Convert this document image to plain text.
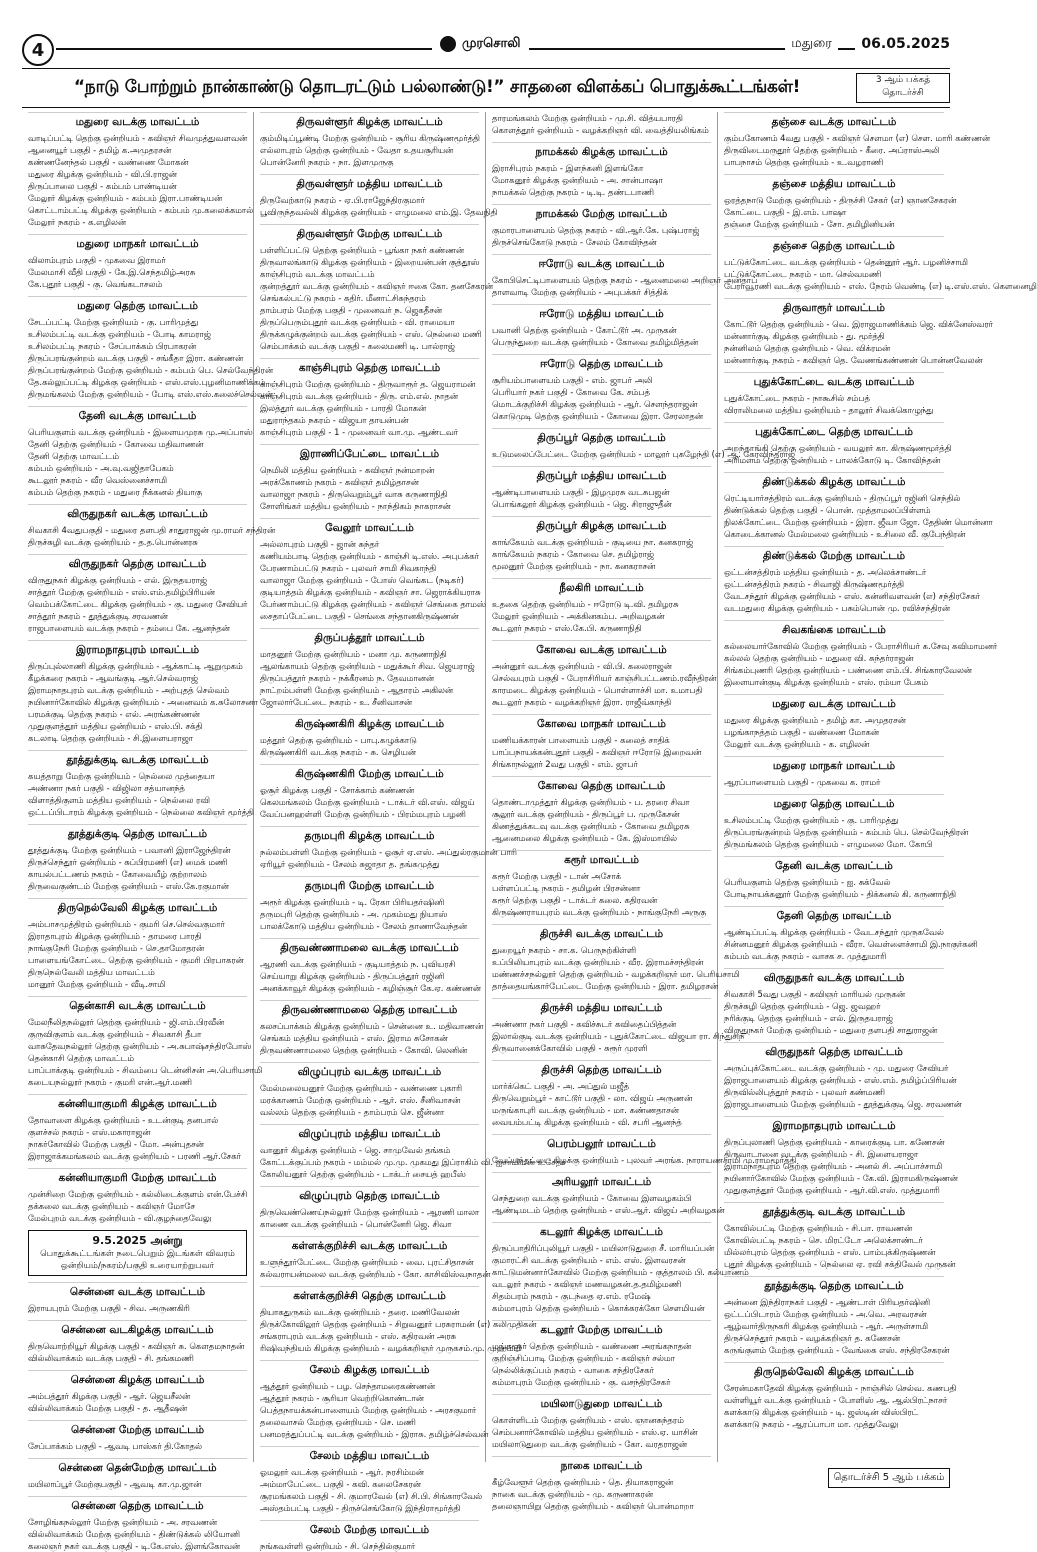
4	முரசொலி	மதுரை	06.05.2025
“நாடு போற்றும் நான்காண்டு தொடரட்டும் பல்லாண்டு!” சாதனை விளக்கப் பொதுக்கூட்டங்கள்!	3 ஆம் பக்கத்
தொடர்ச்சி
மதுரை வடக்கு மாவட்டம்
வாடிப்பட்டி தெற்கு ஒன்றியம் - கவிஞர் சிவமுத்துவளவன்
ஆனையூர் பகுதி - தமிழ் க.அமுதரசன்
கண்ணனேந்தல் பகுதி - வண்ணை மோகன்
மதுரை கிழக்கு ஒன்றியம் - வி.பி.ராஜன்
திருப்பாலை பகுதி - கம்பம் பாண்டியன்
மேலூர் கிழக்கு ஒன்றியம் - கம்பம் இரா.பாண்டியன்
கொட்டாம்பட்டி கிழக்கு ஒன்றியம் - கம்பம் மு.கலைக்கமால்
மேலூர் நகரம் - க.எழிலன்
மதுரை மாநகர் மாவட்டம்
விலாம்புரம் பகுதி - முகவை இராமர்
மேலமாசி வீதி பகுதி - கே.இ.செந்தமிழ்அரசு
கே.புதூர் பகுதி - கு. வெங்கடாசலம்
மதுரை தெற்கு மாவட்டம்
சேடப்பட்டி மேற்கு ஒன்றியம் - கு. பாரிமுத்து
உசிலம்பட்டி வடக்கு ஒன்றியம் - போடி காமராஜ்
உசிலம்பட்டி நகரம் - சேப்பாக்கம் பிரபாகரன்
திருப்பரங்குன்றம் வடக்கு பகுதி - சங்கீதா இரா. கண்ணன்
திருப்பரங்குன்றம் மேற்கு ஒன்றியம் - கம்பம் பெ. செல்வேந்திரன்
தே.கல்லுப்பட்டி கிழக்கு ஒன்றியம் - எஸ்.எஸ்.புழனிமாணிக்கம்
திருமங்கலம் மேற்கு ஒன்றியம் - போடி எஸ்.எஸ்.கலைச்செல்வன்
தேனி வடக்கு மாவட்டம்
பெரியகுளம் வடக்கு ஒன்றியம் - இளையமுரசு மு.அப்பாஸ்
தேனி தெற்கு ஒன்றியம் - கோவை மதிவாணன்
தேனி தெற்கு மாவட்டம்
கம்பம் ஒன்றியம் - அ.வு.வஜிதாபேகம்
கூடலூர் நகரம் - வீர வெஸ்னைச்சாமி
கம்பம் தெற்கு நகரம் - மதுரை நீக்கனல் தியாகு
விருதுநகர் வடக்கு மாவட்டம்
சிவகாசி 4வதுபகுதி - மதுரை தளபதி சாதுராஜன் மு.ராமர் சந்திரன்
திருச்சுழி வடக்கு ஒன்றியம் - த.த.பொன்னரசு
விருதுநகர் தெற்கு மாவட்டம்
விருதுநகர் கிழக்கு ஒன்றியம் - எல். இருதயராஜ்
சாத்தூர் மேற்கு ஒன்றியம் - எஸ்.எம்.தமிழ்பிரியன்
வெம்பக்கோட்டை கிழக்கு ஒன்றியம் - கு. மதுரை சேவியர்
சாத்தூர் நகரம் - தூத்துக்குடி சரவணன்
ராஜபாளையம் வடக்கு நகரம் - தம்பை கே. ஆனந்தன்
இராமநாதபுரம் மாவட்டம்
திருப்புல்லாணி கிழக்கு ஒன்றியம் - ஆக்காட்டி ஆறுமுகம்
கீழக்கரை நகரம் - ஆவங்குடி ஆர்.செல்வராஜ்
இராமநாதபுரம் வடக்கு ஒன்றியம் - அற்புதத் செல்வம்
நயினார்கோவில் கிழக்கு ஒன்றியம் - அனைவம் க.சுலோசனா
பரமக்குடி தெற்கு நகரம் - எல். அரங்கண்ணன்
முதுகுளத்தூர் மத்திய ஒன்றியம் - எஸ்.பி. சக்தி
கடலாடி தெற்கு ஒன்றியம் - சி.இளையராஜா
தூத்துக்குடி வடக்கு மாவட்டம்
கயத்தாறு மேற்கு ஒன்றியம் - நெல்லை முத்தையா
அண்ணா நகர் பகுதி - விஜிலா சத்யானந்த்
விளாத்திகுளம் மத்திய ஒன்றியம் - நெல்லை ரவி
ஒட்டப்பிடாரம் கிழக்கு ஒன்றியம் - நெல்லை கவிஞர் மூர்த்தி
தூத்துக்குடி தெற்கு மாவட்டம்
தூத்துக்குடி மேற்கு ஒன்றியம் - பவானி இராஜேந்திரன்
திருச்செந்தூர் ஒன்றியம் - சுப்பிரமணி (எ) மைக் மணி
காயல்பட்டணம் நகரம் - கோவையீழ் குற்றாலம்
திருவைகுண்டம் மேற்கு ஒன்றியம் - எஸ்.கே.ரகுமான்
திருநெல்வேலி கிழக்கு மாவட்டம்
அம்பாசமுத்திரம் ஒன்றியம் - குமரி செ.செல்வகுமார்
இராதாபுரம் கிழக்கு ஒன்றியம் - தாமரை பாரதி
நாங்குநேரி மேற்கு ஒன்றியம் - செ.தாமோதரன்
பாளையங்கோட்டை தெற்கு ஒன்றியம் - குமரி பிரபாகரன்
திருநெல்வேலி மத்திய மாவட்டம்
மானூர் மேற்கு ஒன்றியம் - வீடி.சாமி
தென்காசி வடக்கு மாவட்டம்
மேலநீலிதநல்லூர் தெற்கு ஒன்றியம் - ஜி.எம்.பிரவீன்
குருவிகுளம் வடக்கு ஒன்றியம் - சிவகாசி தீபா
வாசுதேவநல்லூர் தெற்கு ஒன்றியம் - அ.சுபாஷ்சந்திரபோஸ்
தென்காசி தெற்கு மாவட்டம்
பாப்பாக்குடி ஒன்றியம் - சிவம்பை டென்னிசன் அ.பெரியசாமி
கடையநல்லூர் நகரம் - குமரி என்.ஆர்.மணி
கன்னியாகுமரி கிழக்கு மாவட்டம்
தோவாளை கிழக்கு ஒன்றியம் - உடன்குடி தனபால்
குளச்சல் நகரம் - எஸ்.மகாராஜன்
நாகர்கோவில் மேற்கு பகுதி - மோ. அன்புதசன்
இராஜாக்கமங்கலம் வடக்கு ஒன்றியம் - பரணி ஆர்.சேகர்
கன்னியாகுமரி மேற்கு மாவட்டம்
முன்சிறை மேற்கு ஒன்றியம் - கல்லிடைக்குளம் என்.பேச்சி
தக்கலை வடக்கு ஒன்றியம் - கவிஞர் மோசே
மேல்புறம் வடக்கு ஒன்றியம் - வி.குழந்தைவேலு
9.5.2025 அன்று
பொதுக்கூட்டங்கள் நடைபெறும் இடங்கள் விவரம்
ஒன்றியம்/நகரம்/பகுதி உரையாற்றுபவர்
சென்னை வடக்கு மாவட்டம்
இராயபுரம் மேற்கு பகுதி - சிவ. அருணகிரி
சென்னை வடகிழக்கு மாவட்டம்
திருவொற்றியூர் கிழக்கு பகுதி - கவிஞர் சு. கௌதமநாதன்
வில்லிவாக்கம் வடக்கு பகுதி - சி. தங்கமணி
சென்னை கிழக்கு மாவட்டம்
அம்பத்தூர் கிழக்கு பகுதி - ஆர். ஜெயசீலன்
வில்லிவாக்கம் மேற்கு பகுதி - த. ஆதீஷன்
சென்னை மேற்கு மாவட்டம்
சேப்பாக்கம் பகுதி - ஆவடி பாஸ்கர் தி.கோதல்
சென்னை தென்மேற்கு மாவட்டம்
மயிலாப்பூர் மேற்குபகுதி - ஆவடி கா.மு.ஜான்
சென்னை தெற்கு மாவட்டம்
சோழிங்கநல்லூர் மேற்கு ஒன்றியம் - அ. சரவணன்
வில்லிவாக்கம் மேற்கு ஒன்றியம் - திண்டுக்கல் லியோனி
கலைஞர் நகர் வடக்கு பகுதி - டி.கே.எஸ். இளங்கோவன்
திருவள்ளூர் கிழக்கு மாவட்டம்
கும்மிடிப்பூண்டி மேற்கு ஒன்றியம் - சூரிய கிருஷ்ணமூர்த்தி
எல்லாபுரம் தெற்கு ஒன்றியம் - வேதா உதயசூரியன்
பொன்னேரி நகரம் - நா. இளமுருகு
திருவள்ளூர் மத்திய மாவட்டம்
திருவேற்காடு நகரம் - ஏ.பி.ராஜேந்திரகுமார்
பூவிருந்தவல்லி கிழக்கு ஒன்றியம் - எழுமலை எம்.இ. தேவநிதி
திருவள்ளூர் மேற்கு மாவட்டம்
பள்ளிப்பட்டு தெற்கு ஒன்றியம் - பூங்கா நகர் கண்ணன்
திருவாலங்காடு கிழக்கு ஒன்றியம் - இறையன்பன் குத்தூஸ்
காஞ்சிபுரம் வடக்கு மாவட்டம்
குன்றத்தூர் வடக்கு ஒன்றியம் - கவிஞர் ஈகை கோ. தனசேகரன்
செங்கல்பட்டு நகரம் - கதிர். மீனாட்சிசுந்தரம்
தாம்பரம் மேற்கு பகுதி - முனைவர் ந. ஜெகதீசன்
திருப்பெரும்புதூர் வடக்கு ஒன்றியம் - வி. ராமையா
திருக்கழுக்குன்றம் வடக்கு ஒன்றியம் - எஸ். நெல்லை மணி
செம்பாக்கம் வடக்கு பகுதி - கலைமணி டி. பால்ராஜ்
காஞ்சிபுரம் தெற்கு மாவட்டம்
காஞ்சிபுரம் மேற்கு ஒன்றியம் - திருவாரூர் த. ஜெயராமன்
காஞ்சிபுரம் வடக்கு ஒன்றியம் - திரு. எம்.எல். நாதன்
இலத்தூர் வடக்கு ஒன்றியம் - பாரதி மோகன்
மதுராந்தகம் நகரம் - விஜயா தாயன்பன்
காஞ்சிபுரம் பகுதி - 1 - முனைவர் வா.மு. ஆண்டவர்
இராணிப்பேட்டை மாவட்டம்
நெமிலி மத்திய ஒன்றியம் - கவிஞர் நன்மாறன்
அரக்கோணம் நகரம் - கவிஞர் தமிழ்தாசன்
வாலாஜா நகரம் - திருவெறும்பூர் வாசு கருணாநிதி
சோளிங்கர் மத்திய ஒன்றியம் - நாந்திகம் நாகராசன்
வேலூர் மாவட்டம்
அல்லாபுரம் பகுதி - ஜான் சுந்தர்
கணியம்பாடி தெற்கு ஒன்றியம் - காஞ்சி டி.எஸ். அபுபக்கர்
பேரணாம்பட்டு நகரம் - புலவர் சாமி சிவகாந்தி
வாலாஜா மேற்கு ஒன்றியம் - போஸ் வெங்கட (நடிகர்)
குடியாத்தம் கிழக்கு ஒன்றியம் - கவிஞர் சா. ஜெராக்கியராசு
பேர்ணாம்பட்டு கிழக்கு ஒன்றியம் - கவிஞர் செங்கை தாமஸ்
சைதாப்பேட்டை பகுதி - செங்கை சந்தானகிருஷ்ணன்
திருப்பத்தூர் மாவட்டம்
மாதனூர் மேற்கு ஒன்றியம் - மனா மு. கருணாநிதி
ஆலங்காயம் தெற்கு ஒன்றியம் - மதுக்கூர் சிவ. ஜெயராஜ்
திருப்பத்தூர் நகரம் - நக்கீரனம் ந. தேவமானன்
நாட்றம்பள்ளி மேற்கு ஒன்றியம் - ஆதாரம் அகிலன்
ஜோலார்பேட்டை நகரம் - உ. சீனிவாசன்
கிருஷ்ணகிரி கிழக்கு மாவட்டம்
மத்தூர் தெற்கு ஒன்றியம் - பாபு.கழுக்காடு
கிருஷ்ணகிரி வடக்கு நகரம் - சு. செழியன்
கிருஷ்ணகிரி மேற்கு மாவட்டம்
ஓசூர் கிழக்கு பகுதி - சோக்காம் கண்ணன்
கெலமங்கலம் மேற்கு ஒன்றியம் - டாக்டர் வி.எஸ். விஜய்
வேப்பனஹள்ளி மேற்கு ஒன்றியம் - பிரம்மபுரம் பழனி
தருமபுரி கிழக்கு மாவட்டம்
நல்லம்பள்ளி மேற்கு ஒன்றியம் - ஓசூர் ஏ.எஸ். அப்துல்ரகுமான் பாரி
ஏரியூர் ஒன்றியம் - சேலம் சுஜாதா த. தங்கமுத்து
தருமபுரி மேற்கு மாவட்டம்
அரூர் கிழக்கு ஒன்றியம் - டி. ரேகா பிரியதர்ஷினி
தருமபுரி தெற்கு ஒன்றியம் - அ. முகம்மது நியாஸ்
பாலக்கோடு மத்திய ஒன்றியம் - சேலம் தாணாவேந்தன்
திருவண்ணாமலை வடக்கு மாவட்டம்
ஆரணி வடக்கு ஒன்றியம் - குடியாத்தம் ந. புவியரசி
செய்யாறு கிழக்கு ஒன்றியம் - திருப்பத்தூர் ரஜினி
அனக்காவூர் கிழக்கு ஒன்றியம் - கழிஞ்சூர் கே.ஏ. கண்ணன்
திருவண்ணாமலை தெற்கு மாவட்டம்
கலசப்பாக்கம் கிழக்கு ஒன்றியம் - சென்னை உ. மதிவாணன்
செங்கம் மத்திய ஒன்றியம் - எஸ். இராம சுசோகன்
திருவண்ணாமலை தெற்கு ஒன்றியம் - கோவி. லெனின்
விழுப்புரம் வடக்கு மாவட்டம்
மேல்மலையனூர் மேற்கு ஒன்றியம் - வண்ணை புகாரி
மரக்காணம் மேற்கு ஒன்றியம் - ஆர். எஸ். சீனிவாசன்
வல்லம் தெற்கு ஒன்றியம் - தாம்பரம் செ. ஜீன்னா
விழுப்புரம் மத்திய மாவட்டம்
வானூர் கிழக்கு ஒன்றியம் - ஜெ. சாமுவேல் தங்கம்
கோட்டக்குப்பம் நகரம் - மம்மல் மு.மு. முகமது இப்ராகிம் வி. ஐசாமியன் உசேதா
கோலியனூர் தெற்கு ஒன்றியம் - டாக்டர் சையத் ஹபீஸ்
விழுப்புரம் தெற்கு மாவட்டம்
திருவெண்ணெய்நல்லூர் மேற்கு ஒன்றியம் - ஆரணி மாலா
காணை வடக்கு ஒன்றியம் - பொன்னேரி ஜெ. சிவா
கள்ளக்குறிச்சி வடக்கு மாவட்டம்
உளுந்தூர்பேட்டை மேற்கு ஒன்றியம் - வை. புரட்சிதாசன்
கல்வராயன்மலை வடக்கு ஒன்றியம் - கோ. காசிவிஸ்வநாதன்
கள்ளக்குறிச்சி தெற்கு மாவட்டம்
தியாகதுருகம் வடக்கு ஒன்றியம் - தரை. மணிவேலன்
திருக்கோவிலூர் தெற்கு ஒன்றியம் - சிறுவனூர் பரசுராமன் (எ) கலிமுதிகன்
சங்கராபுரம் வடக்கு ஒன்றியம் - எஸ். கதிரவன் அரசு
ரிஷிவந்தியம் கிழக்கு ஒன்றியம் - வழக்கறிஞர் முருகசம்.மு. முஹம்மி
சேலம் கிழக்கு மாவட்டம்
ஆத்தூர் ஒன்றியம் - பழ. செந்தாமரைகண்ணன்
ஆத்தூர் நகரம் - சூரியா வெற்றிகொண்டான்
பெத்தநாயக்கன்பாளையம் மேற்கு ஒன்றியம் - அரசகுமார்
தலைவாசல் மேற்கு ஒன்றியம் - செ. மணி
பனமரத்துப்பட்டி வடக்கு ஒன்றியம் - இராசு. தமிழ்ச்செல்வன்
சேலம் மத்திய மாவட்டம்
ஓமலூர் வடக்கு ஒன்றியம் - ஆர். நரசிம்மன்
அம்மாபேட்டை பகுதி - கவி. கலைசேகரன்
சூரமங்கலம் பகுதி - சி. குமாரவேல் (எ) சி.பி. சிங்காரவேல்
அஸ்தம்பட்டி பகுதி - திருச்செங்கோடு இந்திராமூர்த்தி
சேலம் மேற்கு மாவட்டம்
நங்கவள்ளி ஒன்றியம் - சி. செந்தில்குமார்
தாரமங்கலம் மேற்கு ஒன்றியம் - மு.சி. வித்யபாரதி
கொளத்தூர் ஒன்றியம் - வழக்கறிஞர் வி. வைத்தியலிங்கம்
நாமக்கல் கிழக்கு மாவட்டம்
இராசிபுரம் நகரம் - இளந்கனி இளங்கோ
மோகனூர் கிழக்கு ஒன்றியம் - அ. சான்பாஷா
நாமக்கல் தெற்கு நகரம் - டி.டி. தண்டபாணி
நாமக்கல் மேற்கு மாவட்டம்
குமாரபாளையம் தெற்கு நகரம் - வி.ஆர்.கே. புஷ்பராஜ்
திருச்செங்கோடு நகரம் - சேலம் கோவிந்தன்
ஈரோடு வடக்கு மாவட்டம்
கோபிசெட்டிபாளையம் தெற்கு நகரம் - ஆனைமலை அறிஞர் அன்தாப்
தாளவாடி மேற்கு ஒன்றியம் - அபுபக்கர் சித்திக்
ஈரோடு மத்திய மாவட்டம்
பவானி தெற்கு ஒன்றியம் - கோட்டூர் அ. முருகன்
பெருந்துறை வடக்கு ஒன்றியம் - கோவை தமிழ்மித்தன்
ஈரோடு தெற்கு மாவட்டம்
சூரியம்பாளையம் பகுதி - எம். ஜாபர் அலி
பெரியார் நகர் பகுதி - கோவை கே. சம்பத்
மொடக்குறிச்சி கிழக்கு ஒன்றியம் - ஆர். சௌந்தராஜன்
கொடுமுடி தெற்கு ஒன்றியம் - கோவை இரா. சேரலாதன்
திருப்பூர் தெற்கு மாவட்டம்
உடுமலைப்பேட்டை மேற்கு ஒன்றியம் - மாலூர் புகழேந்தி (எ) ஆ. கோவிந்தராஜ்
திருப்பூர் மத்திய மாவட்டம்
ஆண்டிபாளையம் பகுதி - இழமுரசு வடசுபஜன்
பொங்கலூர் கிழக்கு ஒன்றியம் - ஜெ. சிராஜுதீன்
திருப்பூர் கிழக்கு மாவட்டம்
காங்கேயம் வடக்கு ஒன்றியம் - குடியை நா. கனகராஜ்
காங்கேயம் நகரம் - கோவை செ. தமிழ்ராஜ்
மூலனூர் மேற்கு ஒன்றியம் - நா. கனகராசன்
நீலகிரி மாவட்டம்
உதகை தெற்கு ஒன்றியம் - ஈரோடு டி.வி. தமிழரசு
மேலூர் ஒன்றியம் - அக்கினகம்ப. அறிவழகன்
கூடலூர் நகரம் - எஸ்.கே.பி. கருணாநிதி
கோவை வடக்கு மாவட்டம்
அன்னூர் வடக்கு ஒன்றியம் - வி.பி. கலைராஜன்
செல்வபுரம் பகுதி - பேராசிரியர் காஞ்சிபட்டணம்.ரவீந்திரன்
காரமடை கிழக்கு ஒன்றியம் - பொள்ளாச்சி மா. உமாபதி
கூடலூர் நகரம் - வழக்கறிஞர் இரா. ராஜீவ்காந்தி
கோவை மாநகர் மாவட்டம்
மணியக்காரன் பாளையம் பகுதி - கலைத் சாதிக்
பாப்பநாயக்கன்புதூர் பகுதி - கவிஞர் ஈரோடு இறைவன்
சிங்காநல்லூர் 2வது பகுதி - எம். ஜாபர்
கோவை தெற்கு மாவட்டம்
தொண்டாமுத்தூர் கிழக்கு ஒன்றியம் - ப. தரரை சிவா
சூலூர் வடக்கு ஒன்றியம் - திருப்பூர் ப. முருகேசன்
கிணத்துக்கடவு வடக்கு ஒன்றியம் - கோவை தமிழரசு
ஆனைமலை கிழக்கு ஒன்றியம் - கே. இஸ்மாயில்
கரூர் மாவட்டம்
கரூர் மேற்கு பகுதி - டான் அசோக்
பள்ளப்பட்டி நகரம் - தமிழன் பிரசன்னா
கரூர் தெற்கு பகுதி - டாக்டர் கலை. கதிரவன்
கிருஷ்ணராயபுரம் வடக்கு ஒன்றியம் - நாங்குநேரி அருகு
திருச்சி வடக்கு மாவட்டம்
துறையூர் நகரம் - சா.க. பெருநற்கிள்ளி
உப்பிலியாபுரம் வடக்கு ஒன்றியம் - வீர. இராமச்சந்திரன்
மண்ணச்சநல்லூர் தெற்கு ஒன்றியம் - வழக்கறிஞர் மா. பெரியசாமி
தாத்தையங்கார்பேட்டை மேற்கு ஒன்றியம் - இரா. தமிழரசன்
திருச்சி மத்திய மாவட்டம்
அண்ணா நகர் பகுதி - கவிச்சுடர் கவிதைப்பித்தன்
இலால்குடி வடக்கு ஒன்றியம் - புதுக்கோட்டை விஜயா ரா. சிந்துசிந்
திருவானைக்கோவில் பகுதி - சுரூர் முரளி
திருச்சி தெற்கு மாவட்டம்
மார்க்கெட் பகுதி - அ. அப்துல் மஜீத்
திருவெறும்பூர் - காட்டூர் பகுதி - லா. விஜய் அருணன்
மருங்காபுரி வடக்கு ஒன்றியம் - மா. கண்ணதாசன்
வையம்பட்டி கிழக்கு ஒன்றியம் - வி. சபரி ஆனந்த்
பெரம்பலூர் மாவட்டம்
வேப்பந்தட்டை கிழக்கு ஒன்றியம் - புலவர் அரங்க. நாராயணசாமி மு.ராமமூர்த்தி
அரியலூர் மாவட்டம்
செந்துறை வடக்கு ஒன்றியம் - கோவை இளவழகம்பி
ஆண்டிமடம் தெற்கு ஒன்றியம் - எஸ்.ஆர். விஜய் அறிவழகன்
கடலூர் கிழக்கு மாவட்டம்
திருப்பாதிரிப்புலியூர் பகுதி - மயிலாடுதுறை சீ. மாரியப்பன்
குமாரட்சி வடக்கு ஒன்றியம் - எம். எஸ். இளவரசன்
காட்டுமன்னார்கோவில் மேற்கு ஒன்றியம் - குத்தாலம் பி. கல்யாணம்
வடலூர் நகரம் - கவிஞர் மணவழகன்.த.தமிழ்மணி
சிதம்பரம் நகரம் - குடந்தை ஏ.எம். ரமேஷ்
கம்மாபுரம் தெற்கு ஒன்றியம் - கொக்கரக்கோ செளமியன்
கடலூர் மேற்கு மாவட்டம்
மங்களூர் தெற்கு ஒன்றியம் - வண்ணை அரங்கநாதன்
குறிஞ்சிப்பாடி மேற்கு ஒன்றியம் - கவிஞர் சல்மா
நெல்லிக்குப்பம் நகரம் - வாகை சந்திரசேகர்
கம்மாபுரம் மேற்கு ஒன்றியம் - கு. வசந்திரசேகர்
மயிலாடுதுறை மாவட்டம்
கொள்ளிடம் மேற்கு ஒன்றியம் - எஸ். ஞானசுந்தரம்
செம்பனார்கோவில் மத்திய ஒன்றியம் - எஸ்.ஏ. யாசின்
மயிலாடுதுறை வடக்கு ஒன்றியம் - கோ. வரதராஜன்
நாகை மாவட்டம்
கீழ்வேளூர் தெற்கு ஒன்றியம் - தெ. தியாகராஜன்
நாகை வடக்கு ஒன்றியம் - மு. கருணாகரன்
தலைஞாயிறு தெற்கு ஒன்றியம் - கவிஞர் பொன்மாறா
தஞ்சை வடக்கு மாவட்டம்
கும்பகோணம் 4வது பகுதி - கவிஞர் செளமா (எ) சௌ. மாரி கண்ணன்
திருவிடைமருதூர் தெற்கு ஒன்றியம் - கீரை. அப்ராஸ்அலி
பாபநாசம் தெற்கு ஒன்றியம் - உ.வழராணி
தஞ்சை மத்திய மாவட்டம்
ஒரத்தநாடு மேற்கு ஒன்றியம் - திருச்சி சேகர் (எ) ஞானசேகரன்
கோட்டை பகுதி - இ.எம். பாஷா
தஞ்சை மேற்கு ஒன்றியம் - சோ. தமிழினியன்
தஞ்சை தெற்கு மாவட்டம்
பட்டுக்கோட்டை வடக்கு ஒன்றியம் - தென்னூர் ஆர். பழனிச்சாமி
பட்டுக்கோட்டை நகரம் - மா. செல்வமணி
பேராவூரணி வடக்கு ஒன்றியம் - எஸ். நேரம் வெண்டி (எ) டி.எஸ்.எஸ். கௌனைழி
திருவாரூர் மாவட்டம்
கோட்டூர் தெற்கு ஒன்றியம் - வெ. இராஜமாணிக்கம் ஜெ. விக்னேஸ்வரர்
மன்னார்குடி கிழக்கு ஒன்றியம் - து. மூர்த்தி
நன்னிலம் தெற்கு ஒன்றியம் - வெ. விக்ரமன்
மன்னார்குடி நகரம் - கவிஞர் தெ. வேணங்கண்ணன் பொன்னவேலன்
புதுக்கோட்டை வடக்கு மாவட்டம்
புதுக்கோட்டை நகரம் - நாகூசில் சம்பத்
விராலிமலை மத்திய ஒன்றியம் - தாலூர் சிவக்கொழுந்து
புதுக்கோட்டை தெற்கு மாவட்டம்
அறந்தாங்கி தெற்கு ஒன்றியம் - வயலூர் கா. கிருஷ்ணமூர்த்தி
அரிமளம் தெற்கு ஒன்றியம் - பாலக்கோடு டி. கோவிந்தன்
திண்டுக்கல் கிழக்கு மாவட்டம்
ரெட்டியார்சத்திரம் வடக்கு ஒன்றியம் - திருப்பூர் ரஜினி செந்தில்
திண்டுக்கல் தெற்கு பகுதி - பொன். முத்தாமலப்பிள்ளம்
நிலக்கோட்டை மேற்கு ஒன்றியம் - இரா. ஜீவா ஜோ. தேதிண் மொன்னா
கொடைக்கானல் மேல்மலை ஒன்றியம் - உசிலை வீ. குபேந்திரன்
திண்டுக்கல் மேற்கு மாவட்டம்
ஒட்டன்சத்திரம் மத்திய ஒன்றியம் - த. அலெக்சாண்டர்
ஒட்டன்சத்திரம் நகரம் - சிவாஜி கிருஷ்ணமூர்த்தி
வேடசந்தூர் கிழக்கு ஒன்றியம் - எஸ். கன்னிவளவன் (எ) சந்திரசேகர்
வடமதுரை கிழக்கு ஒன்றியம் - பசும்பொன் மு. ரவிச்சந்திரன்
சிவகங்கை மாவட்டம்
கல்லையார்கோவில் மேற்கு ஒன்றியம் - பேராசிரியர் க.சேவு கவிமாமனர்
கல்லல் தெற்கு ஒன்றியம் - மதுரை வி. சுந்தர்ராஜன்
சிங்கம்புணரி தெற்கு ஒன்றியம் - பண்ணை எம்.பி. சிங்காரவேலன்
இளையான்குடி கிழக்கு ஒன்றியம் - எஸ். ரம்யா பேகம்
மதுரை வடக்கு மாவட்டம்
மதுரை கிழக்கு ஒன்றியம் - தமிழ் கா. அமுதரசன்
பழங்காநத்தம் பகுதி - வண்ணை மோகன்
மேலூர் வடக்கு ஒன்றியம் - க. எழிலன்
மதுரை மாநகர் மாவட்டம்
ஆரப்பாளையம் பகுதி - முகவை க. ராமர்
மதுரை தெற்கு மாவட்டம்
உசிலம்பட்டி மேற்கு ஒன்றியம் - கு. பாரிமுத்து
திருப்பரங்குன்றம் தெற்கு ஒன்றியம் - கம்பம் பெ. செல்வேந்திரன்
திருமங்கலம் தெற்கு ஒன்றியம் - எழுமலை மோ. கோபி
தேனி வடக்கு மாவட்டம்
பெரியகுளம் தெற்கு ஒன்றியம் - ஐ. சுக்வேல்
போடிநாயக்கனூர் மேற்கு ஒன்றியம் - திக்கனல் கி. கருணாநிதி
தேனி தெற்கு மாவட்டம்
ஆண்டிப்பட்டி கிழக்கு ஒன்றியம் - வேடசந்தூர் முருகவேல்
சின்னமனூர் கிழக்கு ஒன்றியம் - வீரா. வெள்ளைச்சாமி இ.நாகுர்கனி
கம்பம் வடக்கு நகரம் - வாசக ச. முத்துமாரி
விருதுநகர் வடக்கு மாவட்டம்
சிவகாசி 5வது பகுதி - கவிஞர் மாரியல் முருகன்
திருச்சுழி தெற்கு ஒன்றியம் - ஜெ. ஜவஹர்
நரிக்குடி தெற்கு ஒன்றியம் - எல். இருதயராஜ்
விருதுநகர் மேற்கு ஒன்றியம் - மதுரை தளபதி சாதுராஜன்
விருதுநகர் தெற்கு மாவட்டம்
அருப்புக்கோட்டை வடக்கு ஒன்றியம் - மு. மதுரை சேவியர்
இராஜபாளையம் கிழக்கு ஒன்றியம் - எஸ்.எம். தமிழ்ப்பிரியன்
திருவில்லிபுத்தூர் நகரம் - புலவர் கண்மணி
இராஜபாளையம் மேற்கு ஒன்றியம் - தூத்துக்குடி ஜெ. சரவணன்
இராமநாதபுரம் மாவட்டம்
திருப்புலாணி தெற்கு ஒன்றியம் - காரைக்குடி பா. கணேசன்
திருவாடானை வடக்கு ஒன்றியம் - சி. இளையராஜா
இராமநாதபுரம் தெற்கு ஒன்றியம் - அனல் சி. அப்பாச்சாமி
நயினார்கோவில் மேற்கு ஒன்றியம் - கே.வி. இராமகிருஷ்ணன்
முதுகுளத்தூர் மேற்கு ஒன்றியம் - ஆர்.வி.எஸ். முத்துமாரி
தூத்துக்குடி வடக்கு மாவட்டம்
கோவில்பட்டி மேற்கு ஒன்றியம் - சி.பா. ராவணன்
கோவில்பட்டி நகரம் - செ. மிரட்டோ அலெக்சாண்டர்
மில்லர்புரம் தெற்கு ஒன்றியம் - எஸ். பாம்புக்கிருஷ்ணன்
புதூர் கிழக்கு ஒன்றியம் - நெல்லை ஏ. ரவி சக்திவேல் முருகன்
தூத்துக்குடி தெற்கு மாவட்டம்
அன்னை இந்திராநகர் பகுதி - ஆண்டாள் பிரியதர்ஷினி
ஒட்டப்பிடாரம் மேற்கு ஒன்றியம் - அ.வெ. அரவரசன்
ஆழ்வார்திருநகரி கிழக்கு ஒன்றியம் - ஆர். அருள்சாமி
திருச்செந்தூர் நகரம் - வழக்கறிஞர் த. கணேசன்
கருங்குளம் மேற்கு ஒன்றியம் - வேங்கை எஸ். சந்திரசேகரன்
திருநெல்வேலி கிழக்கு மாவட்டம்
சேரன்மகாதேவி கிழக்கு ஒன்றியம் - நாஞ்சில் செல்வ. கணபதி
வள்ளியூர் வடக்கு ஒன்றியம் - போளிஸ் ஆ. ஆல்பிரட்நாசர்
களக்காடு கிழக்கு ஒன்றியம் - டி. ஜஸ்டின் விஸ்பிரட்
களக்காடு நகரம் - ஆரப்பாபா மா. முத்துவேலு
தொடர்ச்சி 5 ஆம் பக்கம்
